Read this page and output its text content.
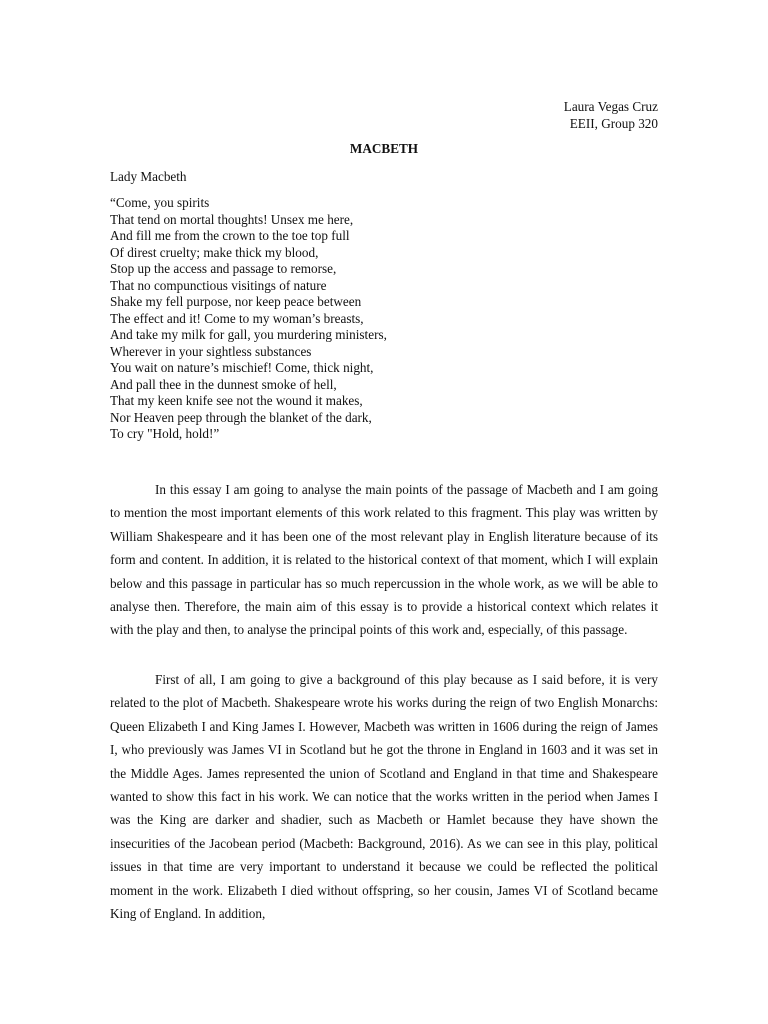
Laura Vegas Cruz
EEII, Group 320
MACBETH
Lady Macbeth
“Come, you spirits
That tend on mortal thoughts! Unsex me here,
And fill me from the crown to the toe top full
Of direst cruelty; make thick my blood,
Stop up the access and passage to remorse,
That no compunctious visitings of nature
Shake my fell purpose, nor keep peace between
The effect and it! Come to my woman’s breasts,
And take my milk for gall, you murdering ministers,
Wherever in your sightless substances
You wait on nature’s mischief! Come, thick night,
And pall thee in the dunnest smoke of hell,
That my keen knife see not the wound it makes,
Nor Heaven peep through the blanket of the dark,
To cry "Hold, hold!”

In this essay I am going to analyse the main points of the passage of Macbeth and I am going to mention the most important elements of this work related to this fragment. This play was written by William Shakespeare and it has been one of the most relevant play in English literature because of its form and content. In addition, it is related to the historical context of that moment, which I will explain below and this passage in particular has so much repercussion in the whole work, as we will be able to analyse then. Therefore, the main aim of this essay is to provide a historical context which relates it with the play and then, to analyse the principal points of this work and, especially, of this passage.

First of all, I am going to give a background of this play because as I said before, it is very related to the plot of Macbeth. Shakespeare wrote his works during the reign of two English Monarchs: Queen Elizabeth I and King James I. However, Macbeth was written in 1606 during the reign of James I, who previously was James VI in Scotland but he got the throne in England in 1603 and it was set in the Middle Ages. James represented the union of Scotland and England in that time and Shakespeare wanted to show this fact in his work. We can notice that the works written in the period when James I was the King are darker and shadier, such as Macbeth or Hamlet because they have shown the insecurities of the Jacobean period (Macbeth: Background, 2016). As we can see in this play, political issues in that time are very important to understand it because we could be reflected the political moment in the work. Elizabeth I died without offspring, so her cousin, James VI of Scotland became King of England. In addition,
